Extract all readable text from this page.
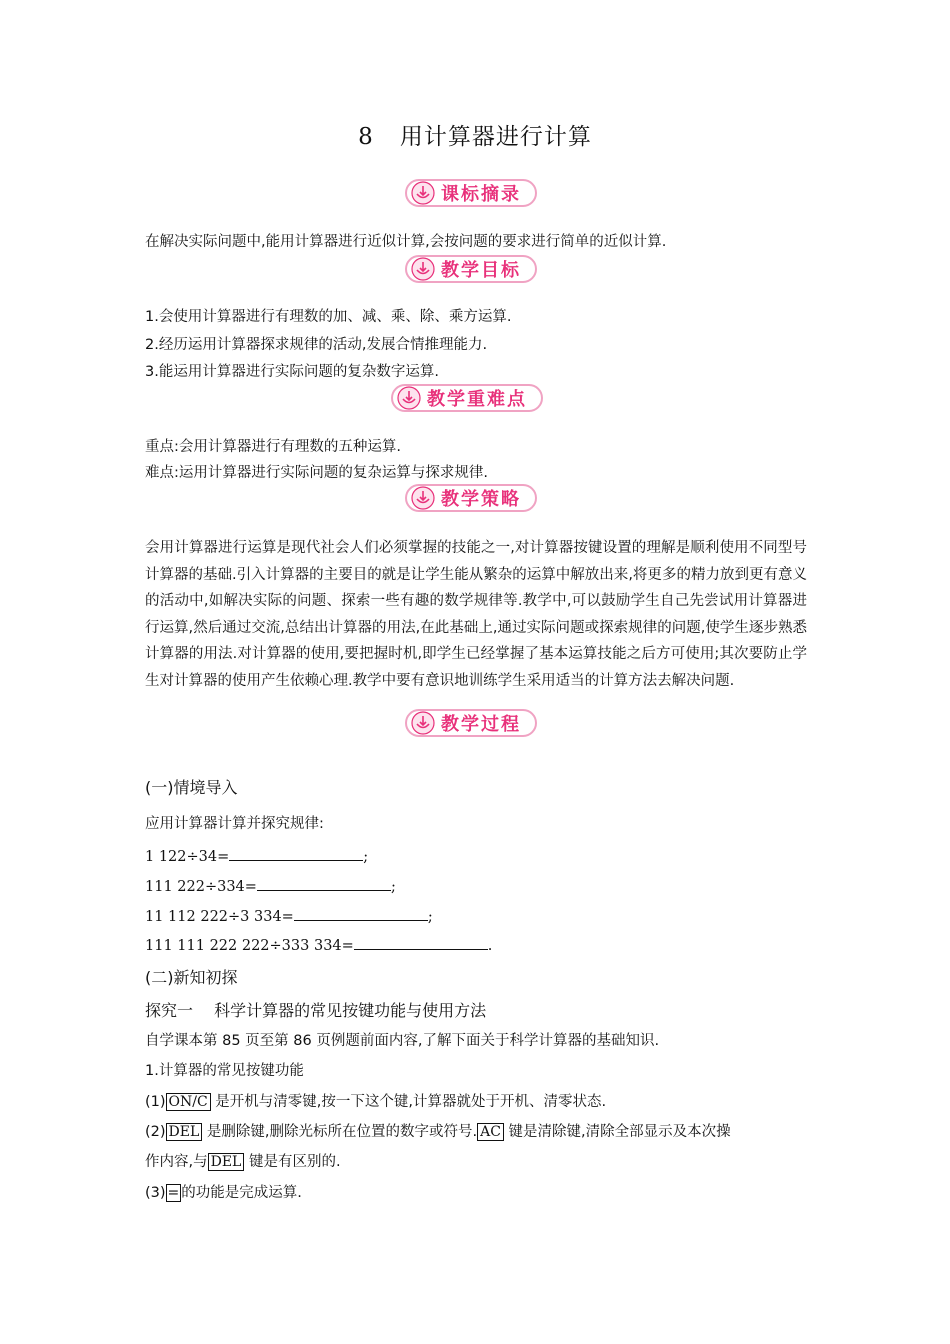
8 用计算器进行计算
课标摘录
在解决实际问题中,能用计算器进行近似计算,会按问题的要求进行简单的近似计算.
教学目标
1.会使用计算器进行有理数的加、减、乘、除、乘方运算.
2.经历运用计算器探求规律的活动,发展合情推理能力.
3.能运用计算器进行实际问题的复杂数字运算.
教学重难点
重点:会用计算器进行有理数的五种运算.
难点:运用计算器进行实际问题的复杂运算与探求规律.
教学策略
会用计算器进行运算是现代社会人们必须掌握的技能之一,对计算器按键设置的理解是顺利使用不同型号计算器的基础.引入计算器的主要目的就是让学生能从繁杂的运算中解放出来,将更多的精力放到更有意义的活动中,如解决实际的问题、探索一些有趣的数学规律等.教学中,可以鼓励学生自己先尝试用计算器进行运算,然后通过交流,总结出计算器的用法,在此基础上,通过实际问题或探索规律的问题,使学生逐步熟悉计算器的用法.对计算器的使用,要把握时机,即学生已经掌握了基本运算技能之后方可使用;其次要防止学生对计算器的使用产生依赖心理.教学中要有意识地训练学生采用适当的计算方法去解决问题.
教学过程
(一)情境导入
应用计算器计算并探究规律:
1 122÷34=	;
111 222÷334=	;
11 112 222÷3 334=	;
111 111 222 222÷333 334=	.
(二)新知初探
探究一　 科学计算器的常见按键功能与使用方法
自学课本第 85 页至第 86 页例题前面内容,了解下面关于科学计算器的基础知识.
1.计算器的常见按键功能
(1) ON/C 是开机与清零键,按一下这个键,计算器就处于开机、清零状态.
(2) DEL 是删除键,删除光标所在位置的数字或符号. AC 键是清除键,清除全部显示及本次操
作内容,与 DEL 键是有区别的.
(3) = 的功能是完成运算.
